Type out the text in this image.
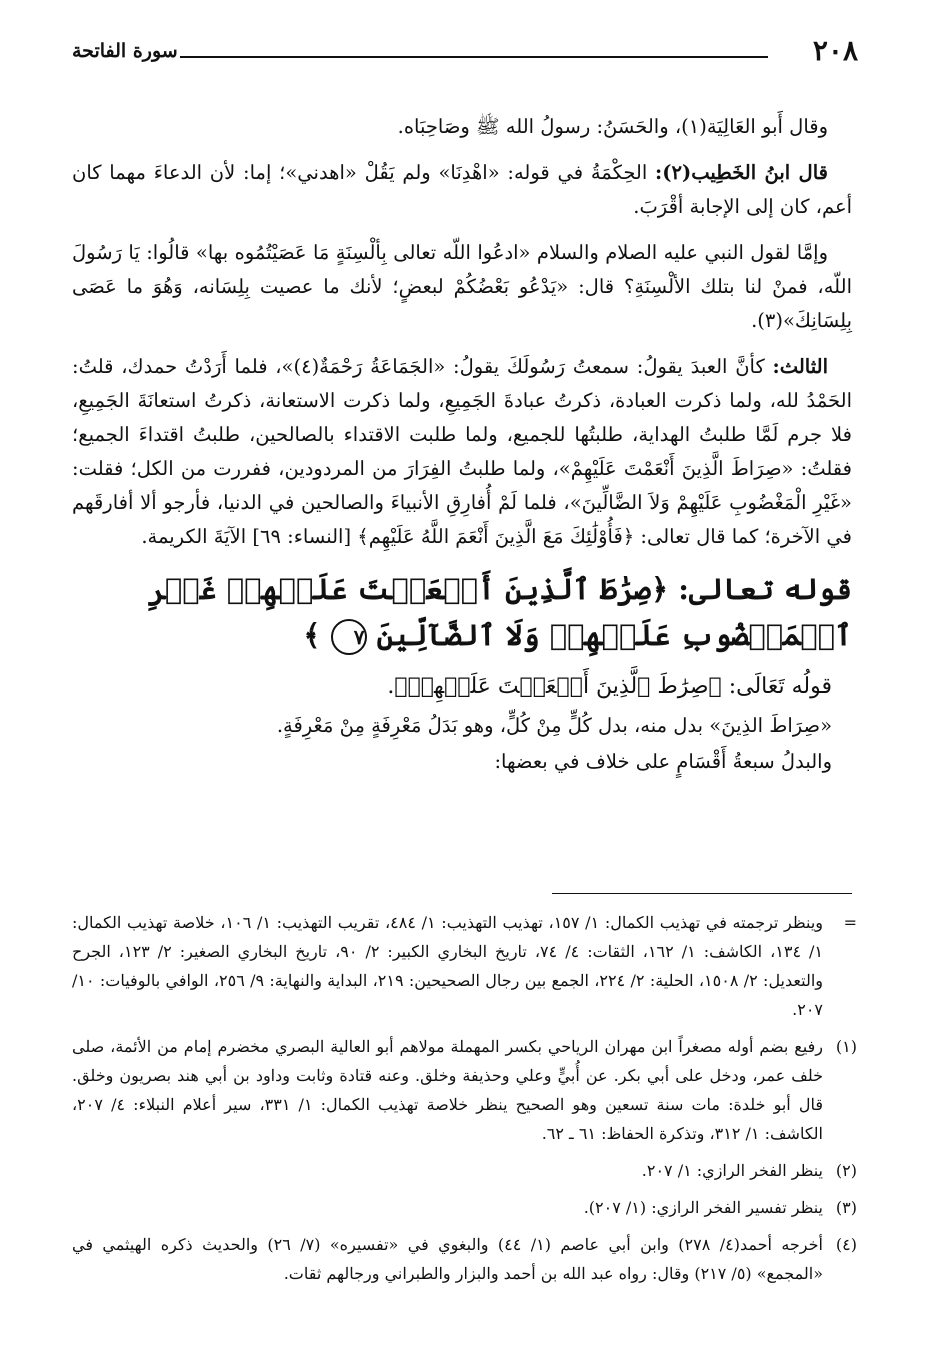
٢٠٨
سورة الفاتحة

وقال أَبو العَالِيَة(١)، والحَسَنُ: رسولُ الله ﷺ وصَاحِبَاه.

قال ابنُ الخَطِيب(٢): الحِكْمَةُ في قوله: «اهْدِنَا» ولم يَقُلْ «اهدني»؛ إما: لأن الدعاءَ مهما كان أعم، كان إلى الإجابة أقْرَبَ.

وإمَّا لقول النبي عليه الصلام والسلام «ادعُوا اللّه تعالى بِألْسِنَةٍ مَا عَصَيْتُمُوه بها» قالُوا: يَا رَسُولَ اللّه، فمنْ لنا بتلك الألْسِنَةِ؟ قال: «يَدْعُو بَعْضُكُمْ لبعضٍ؛ لأنك ما عصيت بِلِسَانه، وَهُوَ ما عَصَى بِلِسَانِكَ»(٣).

الثالث: كأنَّ العبدَ يقولُ: سمعتُ رَسُولَكَ يقولُ: «الجَمَاعَةُ رَحْمَةٌ(٤)»، فلما أَرَدْتُ حمدك، قلتُ: الحَمْدُ لله، ولما ذكرت العبادة، ذكرتُ عبادةَ الجَمِيعِ، ولما ذكرت الاستعانة، ذكرتُ استعانَةَ الجَمِيعِ، فلا جرم لَمَّا طلبتُ الهداية، طلبتُها للجميع، ولما طلبت الاقتداء بالصالحين، طلبتُ اقتداءَ الجميع؛ فقلتُ: «صِرَاطَ الَّذِينَ أَنْعَمْتَ عَلَيْهِمْ»، ولما طلبتُ الفِرَارَ من المردودين، ففررت من الكل؛ فقلت: «غَيْرِ الْمَغْضُوبِ عَلَيْهِمْ وَلاَ الضَّالِّينَ»، فلما لَمْ أُفارِقِ الأنبياءَ والصالحين في الدنيا، فأرجو ألا أفارقَهم في الآخرة؛ كما قال تعالى: ﴿فَأُوْلَٰئِكَ مَعَ الَّذِينَ أَنْعَمَ اللَّهُ عَلَيْهِم﴾ [النساء: ٦٩] الآيَةَ الكريمة.

قوله تعالى: ﴿صِرَٰطَ ٱلَّذِينَ أَنۡعَمۡتَ عَلَيۡهِمۡ غَيۡرِ ٱلۡمَغۡضُوبِ عَلَيۡهِمۡ وَلَا ٱلضَّآلِّينَ ٧ ﴾
قولُه تَعَالَى: ﴿صِرَٰطَ ٱلَّذِينَ أَنۡعَمۡتَ عَلَيۡهِمۡ﴾.
«صِرَاطَ الذِينَ» بدل منه، بدل كُلٍّ مِنْ كُلٍّ، وهو بَدَلُ مَعْرِفَةٍ مِنْ مَعْرِفَةٍ.
والبدلُ سبعةُ أَقْسَامٍ على خلاف في بعضها:
=
وينظر ترجمته في تهذيب الكمال: ١/ ١٥٧، تهذيب التهذيب: ١/ ٤٨٤، تقريب التهذيب: ١/ ١٠٦، خلاصة تهذيب الكمال: ١/ ١٣٤، الكاشف: ١/ ١٦٢، الثقات: ٤/ ٧٤، تاريخ البخاري الكبير: ٢/ ٩٠، تاريخ البخاري الصغير: ٢/ ١٢٣، الجرح والتعديل: ٢/ ١٥٠٨، الحلية: ٢/ ٢٢٤، الجمع بين رجال الصحيحين: ٢١٩، البداية والنهاية: ٩/ ٢٥٦، الوافي بالوفيات: ١٠/ ٢٠٧.
(١)
رفيع بضم أوله مصغراً ابن مهران الرياحي بكسر المهملة مولاهم أبو العالية البصري مخضرم إمام من الأئمة، صلى خلف عمر، ودخل على أبي بكر. عن أُبيٍّ وعلي وحذيفة وخلق. وعنه قتادة وثابت وداود بن أبي هند بصريون وخلق. قال أبو خلدة: مات سنة تسعين وهو الصحيح ينظر خلاصة تهذيب الكمال: ١/ ٣٣١، سير أعلام النبلاء: ٤/ ٢٠٧، الكاشف: ١/ ٣١٢، وتذكرة الحفاظ: ٦١ ـ ٦٢.
(٢)
ينظر الفخر الرازي: ١/ ٢٠٧.
(٣)
ينظر تفسير الفخر الرازي: (١/ ٢٠٧).
(٤)
أخرجه أحمد(٤/ ٢٧٨) وابن أبي عاصم (١/ ٤٤) والبغوي في «تفسيره» (٧/ ٢٦) والحديث ذكره الهيثمي في «المجمع» (٥/ ٢١٧) وقال: رواه عبد الله بن أحمد والبزار والطبراني ورجالهم ثقات.
